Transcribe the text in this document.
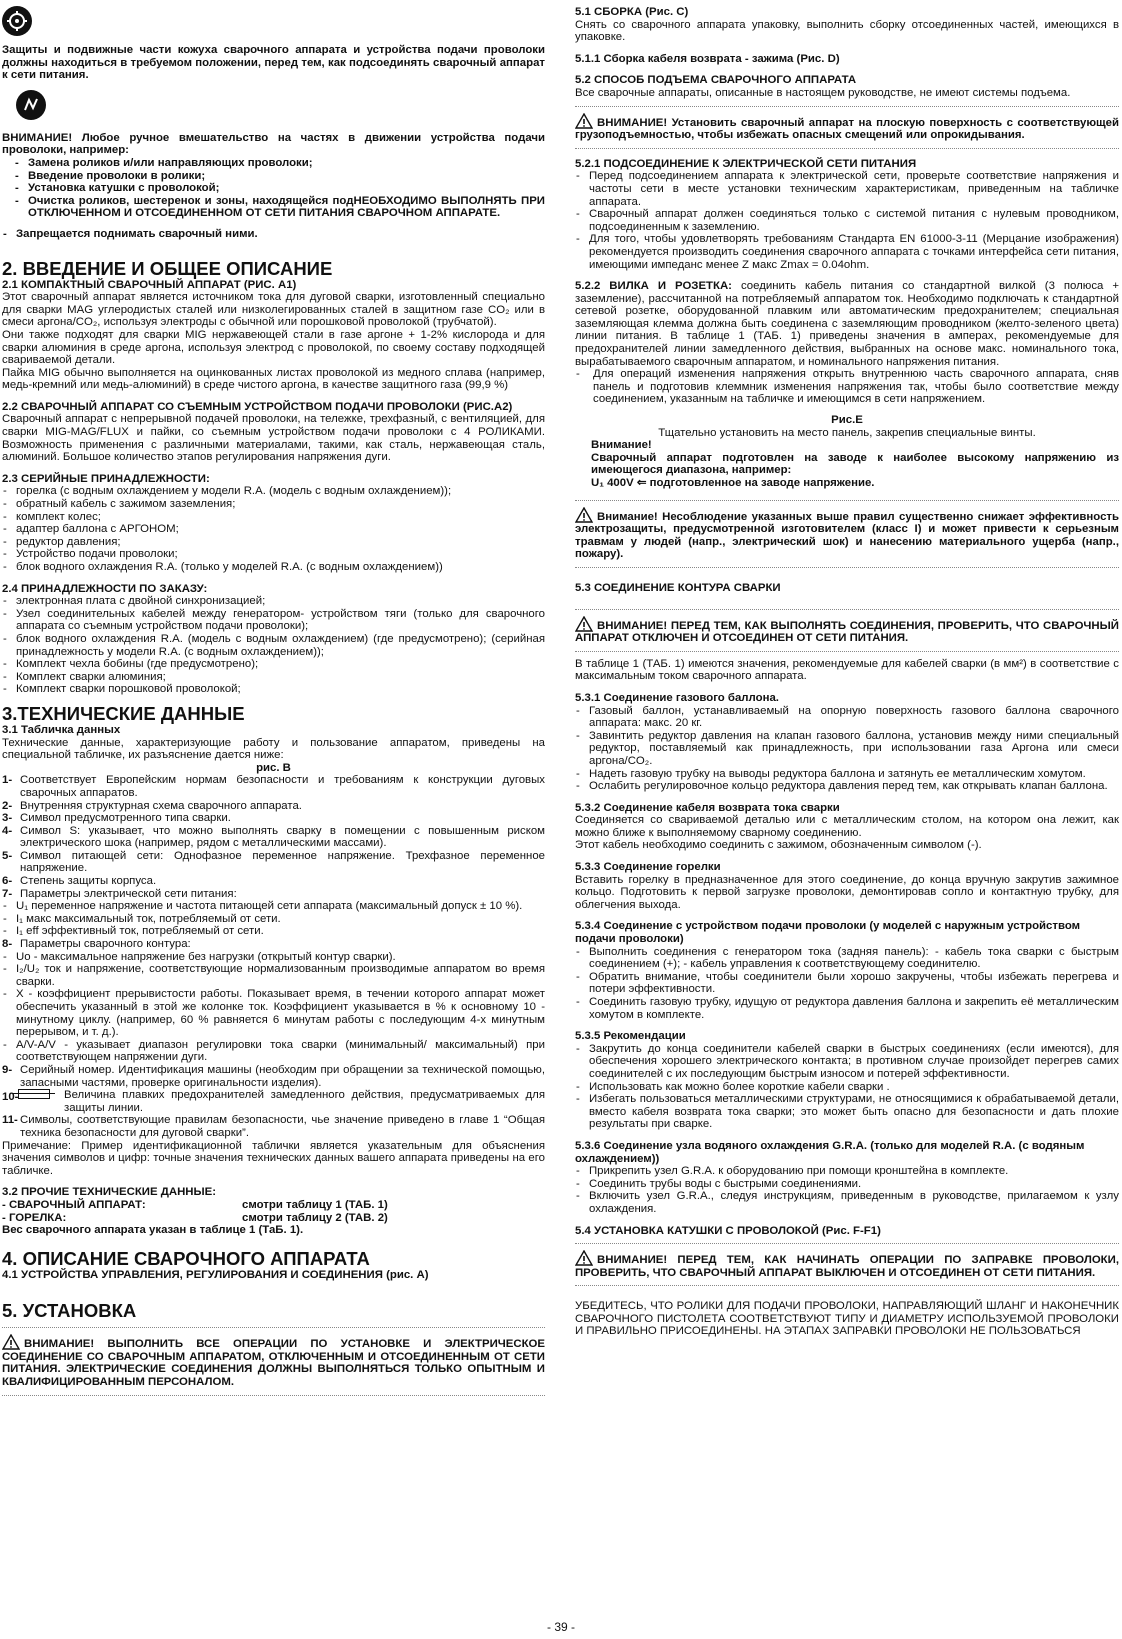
Защиты и подвижные части кожуха сварочного аппарата и устройства подачи проволоки должны находиться в требуемом положении, перед тем, как подсоединять сварочный аппарат к сети питания.

ВНИМАНИЕ! Любое ручное вмешательство на частях в движении устройства подачи проволоки, например:

- Замена роликов и/или направляющих проволоки;
- Введение проволоки в ролики;
- Установка катушки с проволокой;
- Очистка роликов, шестеренок и зоны, находящейся подНЕОБХОДИМО ВЫПОЛНЯТЬ ПРИ ОТКЛЮЧЕННОМ И ОТСОЕДИНЕННОМ ОТ СЕТИ ПИТАНИЯ СВАРОЧНОМ АППАРАТЕ.
- Запрещается поднимать сварочный ними.
2. ВВЕДЕНИЕ И ОБЩЕЕ ОПИСАНИЕ
2.1 КОМПАКТНЫЙ СВАРОЧНЫЙ АППАРАТ (РИС. А1)

Этот сварочный аппарат является источником тока для дуговой сварки, изготовленный специально для сварки MAG углеродистых сталей или низколегированных сталей в защитном газе CO₂ или в смеси аргона/CO₂, используя электроды с обычной или порошковой проволокой (трубчатой).

Они также подходят для сварки MIG нержавеющей стали в газе аргоне + 1-2% кислорода и для сварки алюминия в среде аргона, используя электрод с проволокой, по своему составу подходящей свариваемой детали.

Пайка MIG обычно выполняется на оцинкованных листах проволокой из медного сплава (например, медь-кремний или медь-алюминий) в среде чистого аргона, в качестве защитного газа (99,9 %)

2.2 СВАРОЧНЫЙ АППАРАТ СО СЪЕМНЫМ УСТРОЙСТВОМ ПОДАЧИ ПРОВОЛОКИ (РИС.А2)

Сварочный аппарат с непрерывной подачей проволоки, на тележке, трехфазный, с вентиляцией, для сварки MIG-MAG/FLUX и пайки, со съемным устройством подачи проволоки с 4 РОЛИКАМИ. Возможность применения с различными материалами, такими, как сталь, нержавеющая сталь, алюминий. Большое количество этапов регулирования напряжения дуги.

2.3 СЕРИЙНЫЕ ПРИНАДЛЕЖНОСТИ:
- горелка (с водным охлаждением у модели R.A. (модель с водным охлаждением));
- обратный кабель с зажимом заземления;
- комплект колес;
- адаптер баллона с АРГОНОМ;
- редуктор давления;
- Устройство подачи проволоки;
- блок водного охлаждения R.A. (только у моделей R.A. (с водным охлаждением))
2.4 ПРИНАДЛЕЖНОСТИ ПО ЗАКАЗУ:
- электронная плата с двойной синхронизацией;
- Узел соединительных кабелей между генератором- устройством тяги (только для сварочного аппарата со съемным устройством подачи проволоки);
- блок водного охлаждения R.A. (модель с водным охлаждением) (где предусмотрено); (серийная принадлежность у модели R.A. (с водным охлаждением));
- Комплект чехла бобины (где предусмотрено);
- Комплект сварки алюминия;
- Комплект сварки порошковой проволокой;
3.ТЕХНИЧЕСКИЕ ДАННЫЕ
3.1 Табличка данных

Технические данные, характеризующие работу и пользование аппаратом, приведены на специальной табличке, их разъяснение дается ниже:

рис. B
1- Соответствует Европейским нормам безопасности и требованиям к конструкции дуговых сварочных аппаратов.
2- Внутренняя структурная схема сварочного аппарата.
3- Символ предусмотренного типа сварки.
4- Символ S: указывает, что можно выполнять сварку в помещении с повышенным риском электрического шока (например, рядом с металлическими массами).
5- Символ питающей сети: Однофазное переменное напряжение. Трехфазное переменное напряжение.
6- Степень защиты корпуса.
7- Параметры электрической сети питания:
- U₁ переменное напряжение и частота питающей сети аппарата (максимальный допуск ± 10 %).
- I₁ макс максимальный ток, потребляемый от сети.
- I₁ eff эффективный ток, потребляемый от сети.
8- Параметры сварочного контура:
- Uo - максимальное напряжение без нагрузки (открытый контур сварки).
- I₂/U₂ ток и напряжение, соответствующие нормализованным производимые аппаратом во время сварки.
- X - коэффициент прерывистости работы. Показывает время, в течении которого аппарат может обеспечить указанный в этой же колонке ток. Коэффициент указывается в % к основному 10 - минутному циклу. (например, 60 % равняется 6 минутам работы с последующим 4-х минутным перерывом, и т. д.).
- A/V-A/V - указывает диапазон регулировки тока сварки (минимальный/ максимальный) при соответствующем напряжении дуги.
9- Серийный номер. Идентификация машины (необходим при обращении за технической помощью, запасными частями, проверке оригинальности изделия).
10-	Величина плавких предохранителей замедленного действия, предусматриваемых для защиты линии.
11- Символы, соответствующие правилам безопасности, чье значение приведено в главе 1 “Общая техника безопасности для дуговой сварки”.

Примечание: Пример идентификационной таблички является указательным для объяснения значения символов и цифр: точные значения технических данных вашего аппарата приведены на его табличке.

3.2 ПРОЧИЕ ТЕХНИЧЕСКИЕ ДАННЫЕ:
- СВАРОЧНЫЙ АППАРАТ:	смотри таблицу 1 (ТАБ. 1)
- ГОРЕЛКА:	смотри таблицу 2 (ТАВ. 2)
Вес сварочного аппарата указан в таблице 1 (ТаБ. 1).
4. ОПИСАНИЕ СВАРОЧНОГО АППАРАТА
4.1 УСТРОЙСТВА УПРАВЛЕНИЯ, РЕГУЛИРОВАНИЯ И СОЕДИНЕНИЯ (рис. А)
5. УСТАНОВКА

ВНИМАНИЕ! ВЫПОЛНИТЬ ВСЕ ОПЕРАЦИИ ПО УСТАНОВКЕ И ЭЛЕКТРИЧЕСКОЕ СОЕДИНЕНИЕ СО СВАРОЧНЫМ АППАРАТОМ, ОТКЛЮЧЕННЫМ И ОТСОЕДИНЕННЫМ ОТ СЕТИ ПИТАНИЯ. ЭЛЕКТРИЧЕСКИЕ СОЕДИНЕНИЯ ДОЛЖНЫ ВЫПОЛНЯТЬСЯ ТОЛЬКО ОПЫТНЫМ И КВАЛИФИЦИРОВАННЫМ ПЕРСОНАЛОМ.

5.1 СБОРКА (Рис. C)

Снять со сварочного аппарата упаковку, выполнить сборку отсоединенных частей, имеющихся в упаковке.

5.1.1 Сборка кабеля возврата - зажима (Рис. D)
5.2 СПОСОБ ПОДЪЕМА СВАРОЧНОГО АППАРАТА

Все сварочные аппараты, описанные в настоящем руководстве, не имеют системы подъема.

ВНИМАНИЕ! Установить сварочный аппарат на плоскую поверхность с соответствующей грузоподъемностью, чтобы избежать опасных смещений или опрокидывания.

5.2.1 ПОДСОЕДИНЕНИЕ К ЭЛЕКТРИЧЕСКОЙ СЕТИ ПИТАНИЯ
- Перед подсоединением аппарата к электрической сети, проверьте соответствие напряжения и частоты сети в месте установки техническим характеристикам, приведенным на табличке аппарата.
- Сварочный аппарат должен соединяться только с системой питания с нулевым проводником, подсоединенным к заземлению.
- Для того, чтобы удовлетворять требованиям Стандарта EN 61000-3-11 (Мерцание изображения) рекомендуется производить соединения сварочного аппарата с точками интерфейса сети питания, имеющими импеданс менее Z макс Zmax = 0.04ohm.

5.2.2 ВИЛКА И РОЗЕТКА: соединить кабель питания со стандартной вилкой (3 полюса + заземление), рассчитанной на потребляемый аппаратом ток. Необходимо подключать к стандартной сетевой розетке, оборудованной плавким или автоматическим предохранителем; специальная заземляющая клемма должна быть соединена с заземляющим проводником (желто-зеленого цвета) линии питания. В таблице 1 (ТАБ. 1) приведены значения в амперах, рекомендуемые для предохранителей линии замедленного действия, выбранных на основе макс. номинального тока, вырабатываемого сварочным аппаратом, и номинального напряжения питания.

- Для операций изменения напряжения открыть внутреннюю часть сварочного аппарата, сняв панель и подготовив клеммник изменения напряжения так, чтобы было соответствие между соединением, указанным на табличке и имеющимся в сети напряжением.
Рис.E
Тщательно установить на место панель, закрепив специальные винты.
Внимание!
Сварочный аппарат подготовлен на заводе к наиболее высокому напряжению из имеющегося диапазона, например:
U₁ 400V ⇐ подготовленное на заводе напряжение.

Внимание! Несоблюдение указанных выше правил существенно снижает эффективность электрозащиты, предусмотренной изготовителем (класс I) и может привести к серьезным травмам у людей (напр., электрический шок) и нанесению материального ущерба (напр., пожару).

5.3 СОЕДИНЕНИЕ КОНТУРА СВАРКИ

ВНИМАНИЕ! ПЕРЕД ТЕМ, КАК ВЫПОЛНЯТЬ СОЕДИНЕНИЯ, ПРОВЕРИТЬ, ЧТО СВАРОЧНЫЙ АППАРАТ ОТКЛЮЧЕН И ОТСОЕДИНЕН ОТ СЕТИ ПИТАНИЯ.

В таблице 1 (ТАБ. 1) имеются значения, рекомендуемые для кабелей сварки (в мм²) в соответствие с максимальным током сварочного аппарата.

5.3.1 Соединение газового баллона.
- Газовый баллон, устанавливаемый на опорную поверхность газового баллона сварочного аппарата: макс. 20 кг.
- Завинтить редуктор давления на клапан газового баллона, установив между ними специальный редуктор, поставляемый как принадлежность, при использовании газа Аргона или смеси аргона/CO₂.
- Надеть газовую трубку на выводы редуктора баллона и затянуть ее металлическим хомутом.
- Ослабить регулировочное кольцо редуктора давления перед тем, как открывать клапан баллона.
5.3.2 Соединение кабеля возврата тока сварки

Соединяется со свариваемой деталью или с металлическим столом, на котором она лежит, как можно ближе к выполняемому сварному соединению.

Этот кабель необходимо соединить с зажимом, обозначенным символом (-).

5.3.3 Соединение горелки

Вставить горелку в предназначенное для этого соединение, до конца вручную закрутив зажимное кольцо. Подготовить к первой загрузке проволоки, демонтировав сопло и контактную трубку, для облегчения выхода.

5.3.4 Соединение с устройством подачи проволоки (у моделей с наружным устройством подачи проволоки)
- Выполнить соединения с генератором тока (задняя панель): - кабель тока сварки с быстрым соединением (+); - кабель управления к соответствующему соединителю.
- Обратить внимание, чтобы соединители были хорошо закручены, чтобы избежать перегрева и потери эффективности.
- Соединить газовую трубку, идущую от редуктора давления баллона и закрепить её металлическим хомутом в комплекте.
5.3.5 Рекомендации
- Закрутить до конца соединители кабелей сварки в быстрых соединениях (если имеются), для обеспечения хорошего электрического контакта; в противном случае произойдет перегрев самих соединителей с их последующим быстрым износом и потерей эффективности.
- Использовать как можно более короткие кабели сварки .
- Избегать пользоваться металлическими структурами, не относящимися к обрабатываемой детали, вместо кабеля возврата тока сварки; это может быть опасно для безопасности и дать плохие результаты при сварке.
5.3.6 Соединение узла водяного охлаждения G.R.A. (только для моделей R.A. (с водяным охлаждением))
- Прикрепить узел G.R.A. к оборудованию при помощи кронштейна в комплекте.
- Соединить трубы воды с быстрыми соединениями.
- Включить узел G.R.A., следуя инструкциям, приведенным в руководстве, прилагаемом к узлу охлаждения.
5.4 УСТАНОВКА КАТУШКИ С ПРОВОЛОКОЙ (Рис. F-F1)

ВНИМАНИЕ! ПЕРЕД ТЕМ, КАК НАЧИНАТЬ ОПЕРАЦИИ ПО ЗАПРАВКЕ ПРОВОЛОКИ, ПРОВЕРИТЬ, ЧТО СВАРОЧНЫЙ АППАРАТ ВЫКЛЮЧЕН И ОТСОЕДИНЕН ОТ СЕТИ ПИТАНИЯ.

УБЕДИТЕСЬ, ЧТО РОЛИКИ ДЛЯ ПОДАЧИ ПРОВОЛОКИ, НАПРАВЛЯЮЩИЙ ШЛАНГ И НАКОНЕЧНИК СВАРОЧНОГО ПИСТОЛЕТА СООТВЕТСТВУЮТ ТИПУ И ДИАМЕТРУ ИСПОЛЬЗУЕМОЙ ПРОВОЛОКИ И ПРАВИЛЬНО ПРИСОЕДИНЕНЫ. НА ЭТАПАХ ЗАПРАВКИ ПРОВОЛОКИ НЕ ПОЛЬЗОВАТЬСЯ

- 39 -
